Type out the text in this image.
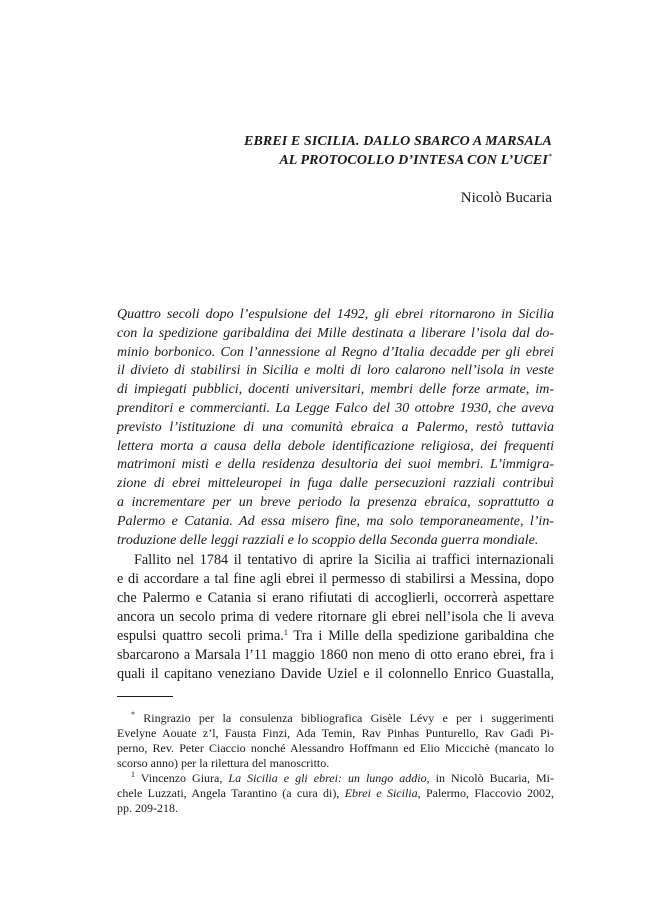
EBREI E SICILIA. DALLO SBARCO A MARSALA
AL PROTOCOLLO D’INTESA CON L’UCEI*
Nicolò Bucaria
Quattro secoli dopo l’espulsione del 1492, gli ebrei ritornarono in Sicilia
con la spedizione garibaldina dei Mille destinata a liberare l’isola dal do-
minio borbonico. Con l’annessione al Regno d’Italia decadde per gli ebrei
il divieto di stabilirsi in Sicilia e molti di loro calarono nell’isola in veste
di impiegati pubblici, docenti universitari, membri delle forze armate, im-
prenditori e commercianti. La Legge Falco del 30 ottobre 1930, che aveva
previsto l’istituzione di una comunità ebraica a Palermo, restò tuttavia
lettera morta a causa della debole identificazione religiosa, dei frequenti
matrimoni misti e della residenza desultoria dei suoi membri. L’immigra-
zione di ebrei mitteleuropei in fuga dalle persecuzioni razziali contribuì
a incrementare per un breve periodo la presenza ebraica, soprattutto a
Palermo e Catania. Ad essa misero fine, ma solo temporaneamente, l’in-
troduzione delle leggi razziali e lo scoppio della Seconda guerra mondiale.
Fallito nel 1784 il tentativo di aprire la Sicilia ai traffici internazionali
e di accordare a tal fine agli ebrei il permesso di stabilirsi a Messina, dopo
che Palermo e Catania si erano rifiutati di accoglierli, occorrerà aspettare
ancora un secolo prima di vedere ritornare gli ebrei nell’isola che li aveva
espulsi quattro secoli prima.$^1$ Tra i Mille della spedizione garibaldina che
sbarcarono a Marsala l’11 maggio 1860 non meno di otto erano ebrei, fra i
quali il capitano veneziano Davide Uziel e il colonnello Enrico Guastalla,
* Ringrazio per la consulenza bibliografica Gisèle Lévy e per i suggerimenti
Evelyne Aouate z’l, Fausta Finzi, Ada Temin, Rav Pinhas Punturello, Rav Gadi Pi-
perno, Rev. Peter Ciaccio nonché Alessandro Hoffmann ed Elio Miccichè (mancato lo
scorso anno) per la rilettura del manoscritto.
$^1$ Vincenzo Giura, La Sicilia e gli ebrei: un lungo addio, in Nicolò Bucaria, Mi-
chele Luzzati, Angela Tarantino (a cura di), Ebrei e Sicilia, Palermo, Flaccovio 2002,
pp. 209-218.
